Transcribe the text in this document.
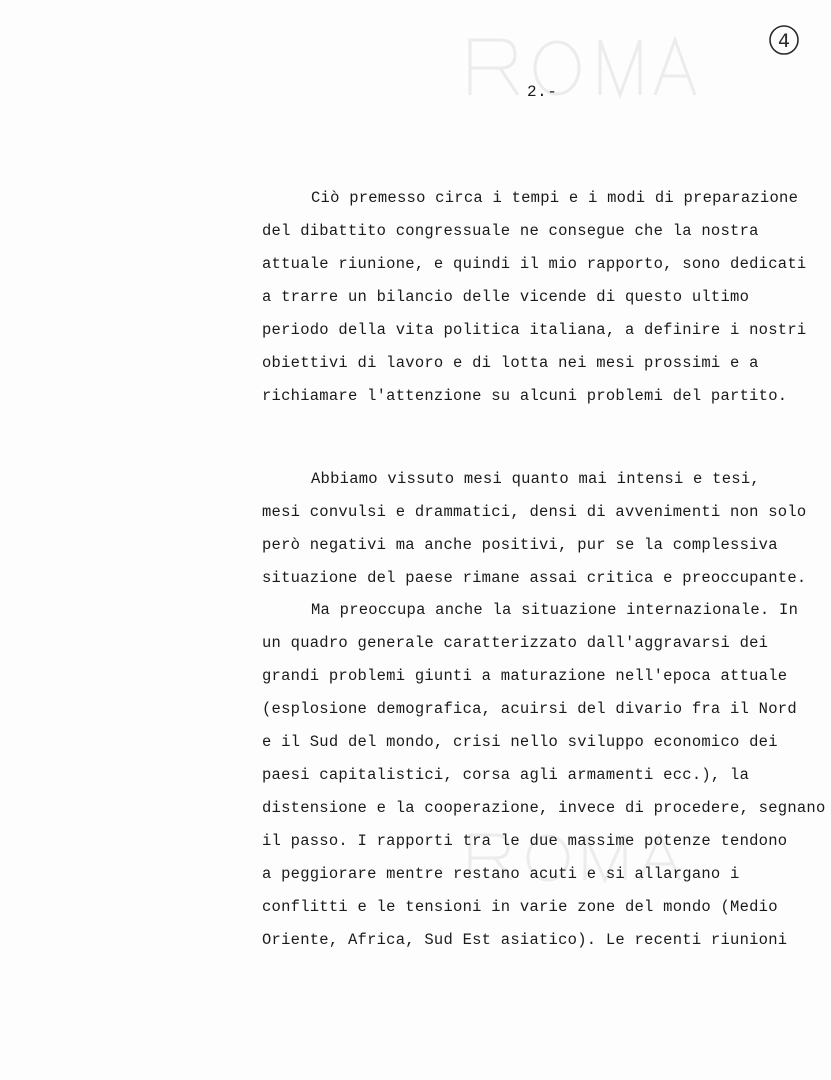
4
2.-
Ciò premesso circa i tempi e i modi di preparazione
del dibattito congressuale ne consegue che la nostra
attuale riunione, e quindi il mio rapporto, sono dedicati
a trarre un bilancio delle vicende di questo ultimo
periodo della vita politica italiana, a definire i nostri
obiettivi di lavoro e di lotta nei mesi prossimi e a
richiamare l'attenzione su alcuni problemi del partito.
Abbiamo vissuto mesi quanto mai intensi e tesi,
mesi convulsi e drammatici, densi di avvenimenti non solo
però negativi ma anche positivi, pur se la complessiva
situazione del paese rimane assai critica e preoccupante.
Ma preoccupa anche la situazione internazionale. In
un quadro generale caratterizzato dall'aggravarsi dei
grandi problemi giunti a maturazione nell'epoca attuale
(esplosione demografica, acuirsi del divario fra il Nord
e il Sud del mondo, crisi nello sviluppo economico dei
paesi capitalistici, corsa agli armamenti ecc.), la
distensione e la cooperazione, invece di procedere, segnano
il passo. I rapporti tra le due massime potenze tendono
a peggiorare mentre restano acuti e si allargano i
conflitti e le tensioni in varie zone del mondo (Medio
Oriente, Africa, Sud Est asiatico). Le recenti riunioni
